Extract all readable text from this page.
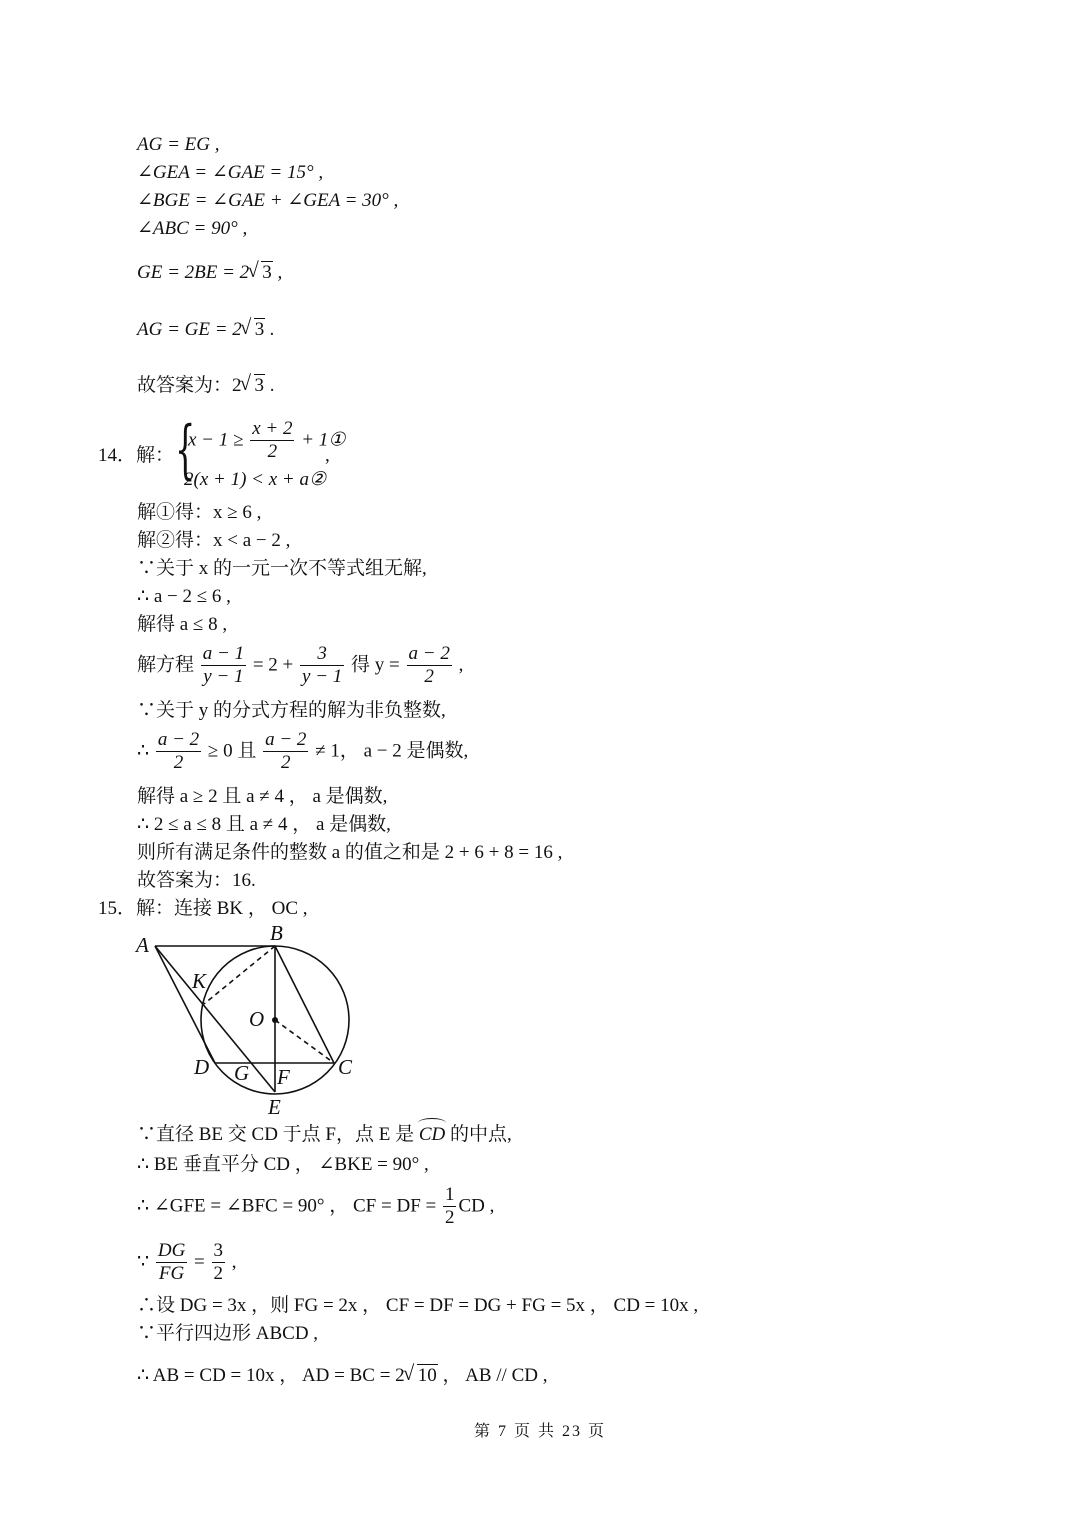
AG = EG ,
∠GEA = ∠GAE = 15° ,
∠BGE = ∠GAE + ∠GEA = 30° ,
∠ABC = 90° ,
GE = 2BE = 2 √ 3 ,
AG = GE = 2 √ 3 .
故答案为：2 √ 3 .
14．解： {
$x - 1 \ge \frac{x + 2}{2}$ + 1①
,
2(x + 1) < x + a②
解①得：x ≥ 6 ,
解②得：x < a − 2 ,
∵关于 x 的一元一次不等式组无解,
∴ a − 2 ≤ 6 ,
解得 a ≤ 8 ,
解方程 $\frac{a - 1}{y - 1} = 2 + \frac{3}{y - 1}$ 得 $y = \frac{a - 2}{2}$ ,
∵关于 y 的分式方程的解为非负整数,
∴ $\frac{a - 2}{2} \ge 0$ 且 $\frac{a - 2}{2} \ne 1$， a − 2 是偶数,
解得 a ≥ 2 且 a ≠ 4 ， a 是偶数,
∴ 2 ≤ a ≤ 8 且 a ≠ 4 ， a 是偶数,
则所有满足条件的整数 a 的值之和是 2 + 6 + 8 = 16 ,
故答案为：16.
15．解：连接 BK ， OC ,
A	B
K
O
D G F C
E
∵直径 BE 交 CD 于点 F，点 E 是 CD 的中点,
∴ BE 垂直平分 CD ， ∠BKE = 90° ,
∴ ∠GFE = ∠BFC = 90° ， CF = DF = $\frac{1}{2}$ CD ,
∵ $\frac{DG}{FG} = \frac{3}{2}$ ,
∴设 DG = 3x ，则 FG = 2x ， CF = DF = DG + FG = 5x ， CD = 10x ,
∵平行四边形 ABCD ,
∴ AB = CD = 10x ， AD = BC = 2 √ 10 ， AB // CD ,
第 7 页 共 23 页
